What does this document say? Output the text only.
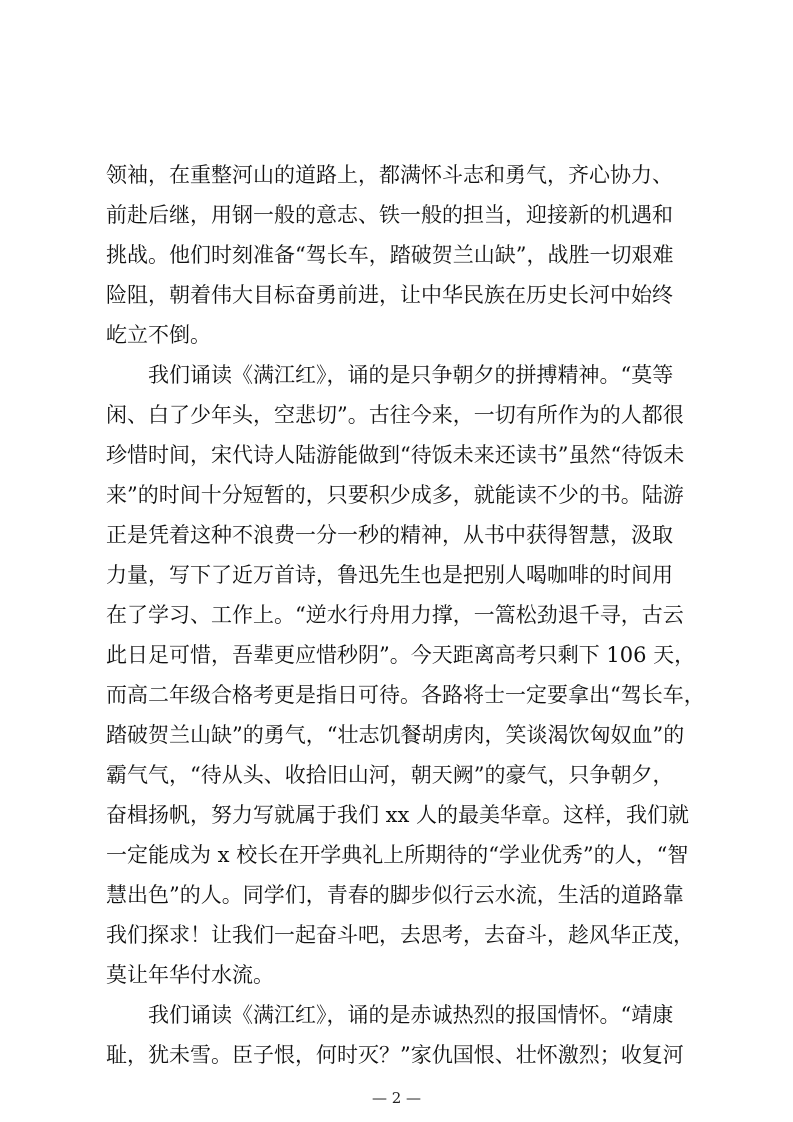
领袖，在重整河山的道路上，都满怀斗志和勇气，齐心协力、
前赴后继，用钢一般的意志、铁一般的担当，迎接新的机遇和
挑战。他们时刻准备“驾长车，踏破贺兰山缺”，战胜一切艰难
险阻，朝着伟大目标奋勇前进，让中华民族在历史长河中始终
屹立不倒。
我们诵读《满江红》，诵的是只争朝夕的拼搏精神。“莫等
闲、白了少年头，空悲切”。古往今来，一切有所作为的人都很
珍惜时间，宋代诗人陆游能做到“待饭未来还读书”虽然“待饭未
来”的时间十分短暂的，只要积少成多，就能读不少的书。陆游
正是凭着这种不浪费一分一秒的精神，从书中获得智慧，汲取
力量，写下了近万首诗，鲁迅先生也是把别人喝咖啡的时间用
在了学习、工作上。“逆水行舟用力撑，一篙松劲退千寻，古云
此日足可惜，吾辈更应惜秒阴”。今天距离高考只剩下 106 天，
而高二年级合格考更是指日可待。各路将士一定要拿出“驾长车，
踏破贺兰山缺”的勇气，“壮志饥餐胡虏肉，笑谈渴饮匈奴血”的
霸气气，“待从头、收拾旧山河，朝天阙”的豪气，只争朝夕，
奋楫扬帆，努力写就属于我们 xx 人的最美华章。这样，我们就
一定能成为 x 校长在开学典礼上所期待的“学业优秀”的人，“智
慧出色”的人。同学们，青春的脚步似行云水流，生活的道路靠
我们探求！让我们一起奋斗吧，去思考，去奋斗，趁风华正茂，
莫让年华付水流。
我们诵读《满江红》，诵的是赤诚热烈的报国情怀。“靖康
耻，犹未雪。臣子恨，何时灭？”家仇国恨、壮怀激烈；收复河
— 2 —
